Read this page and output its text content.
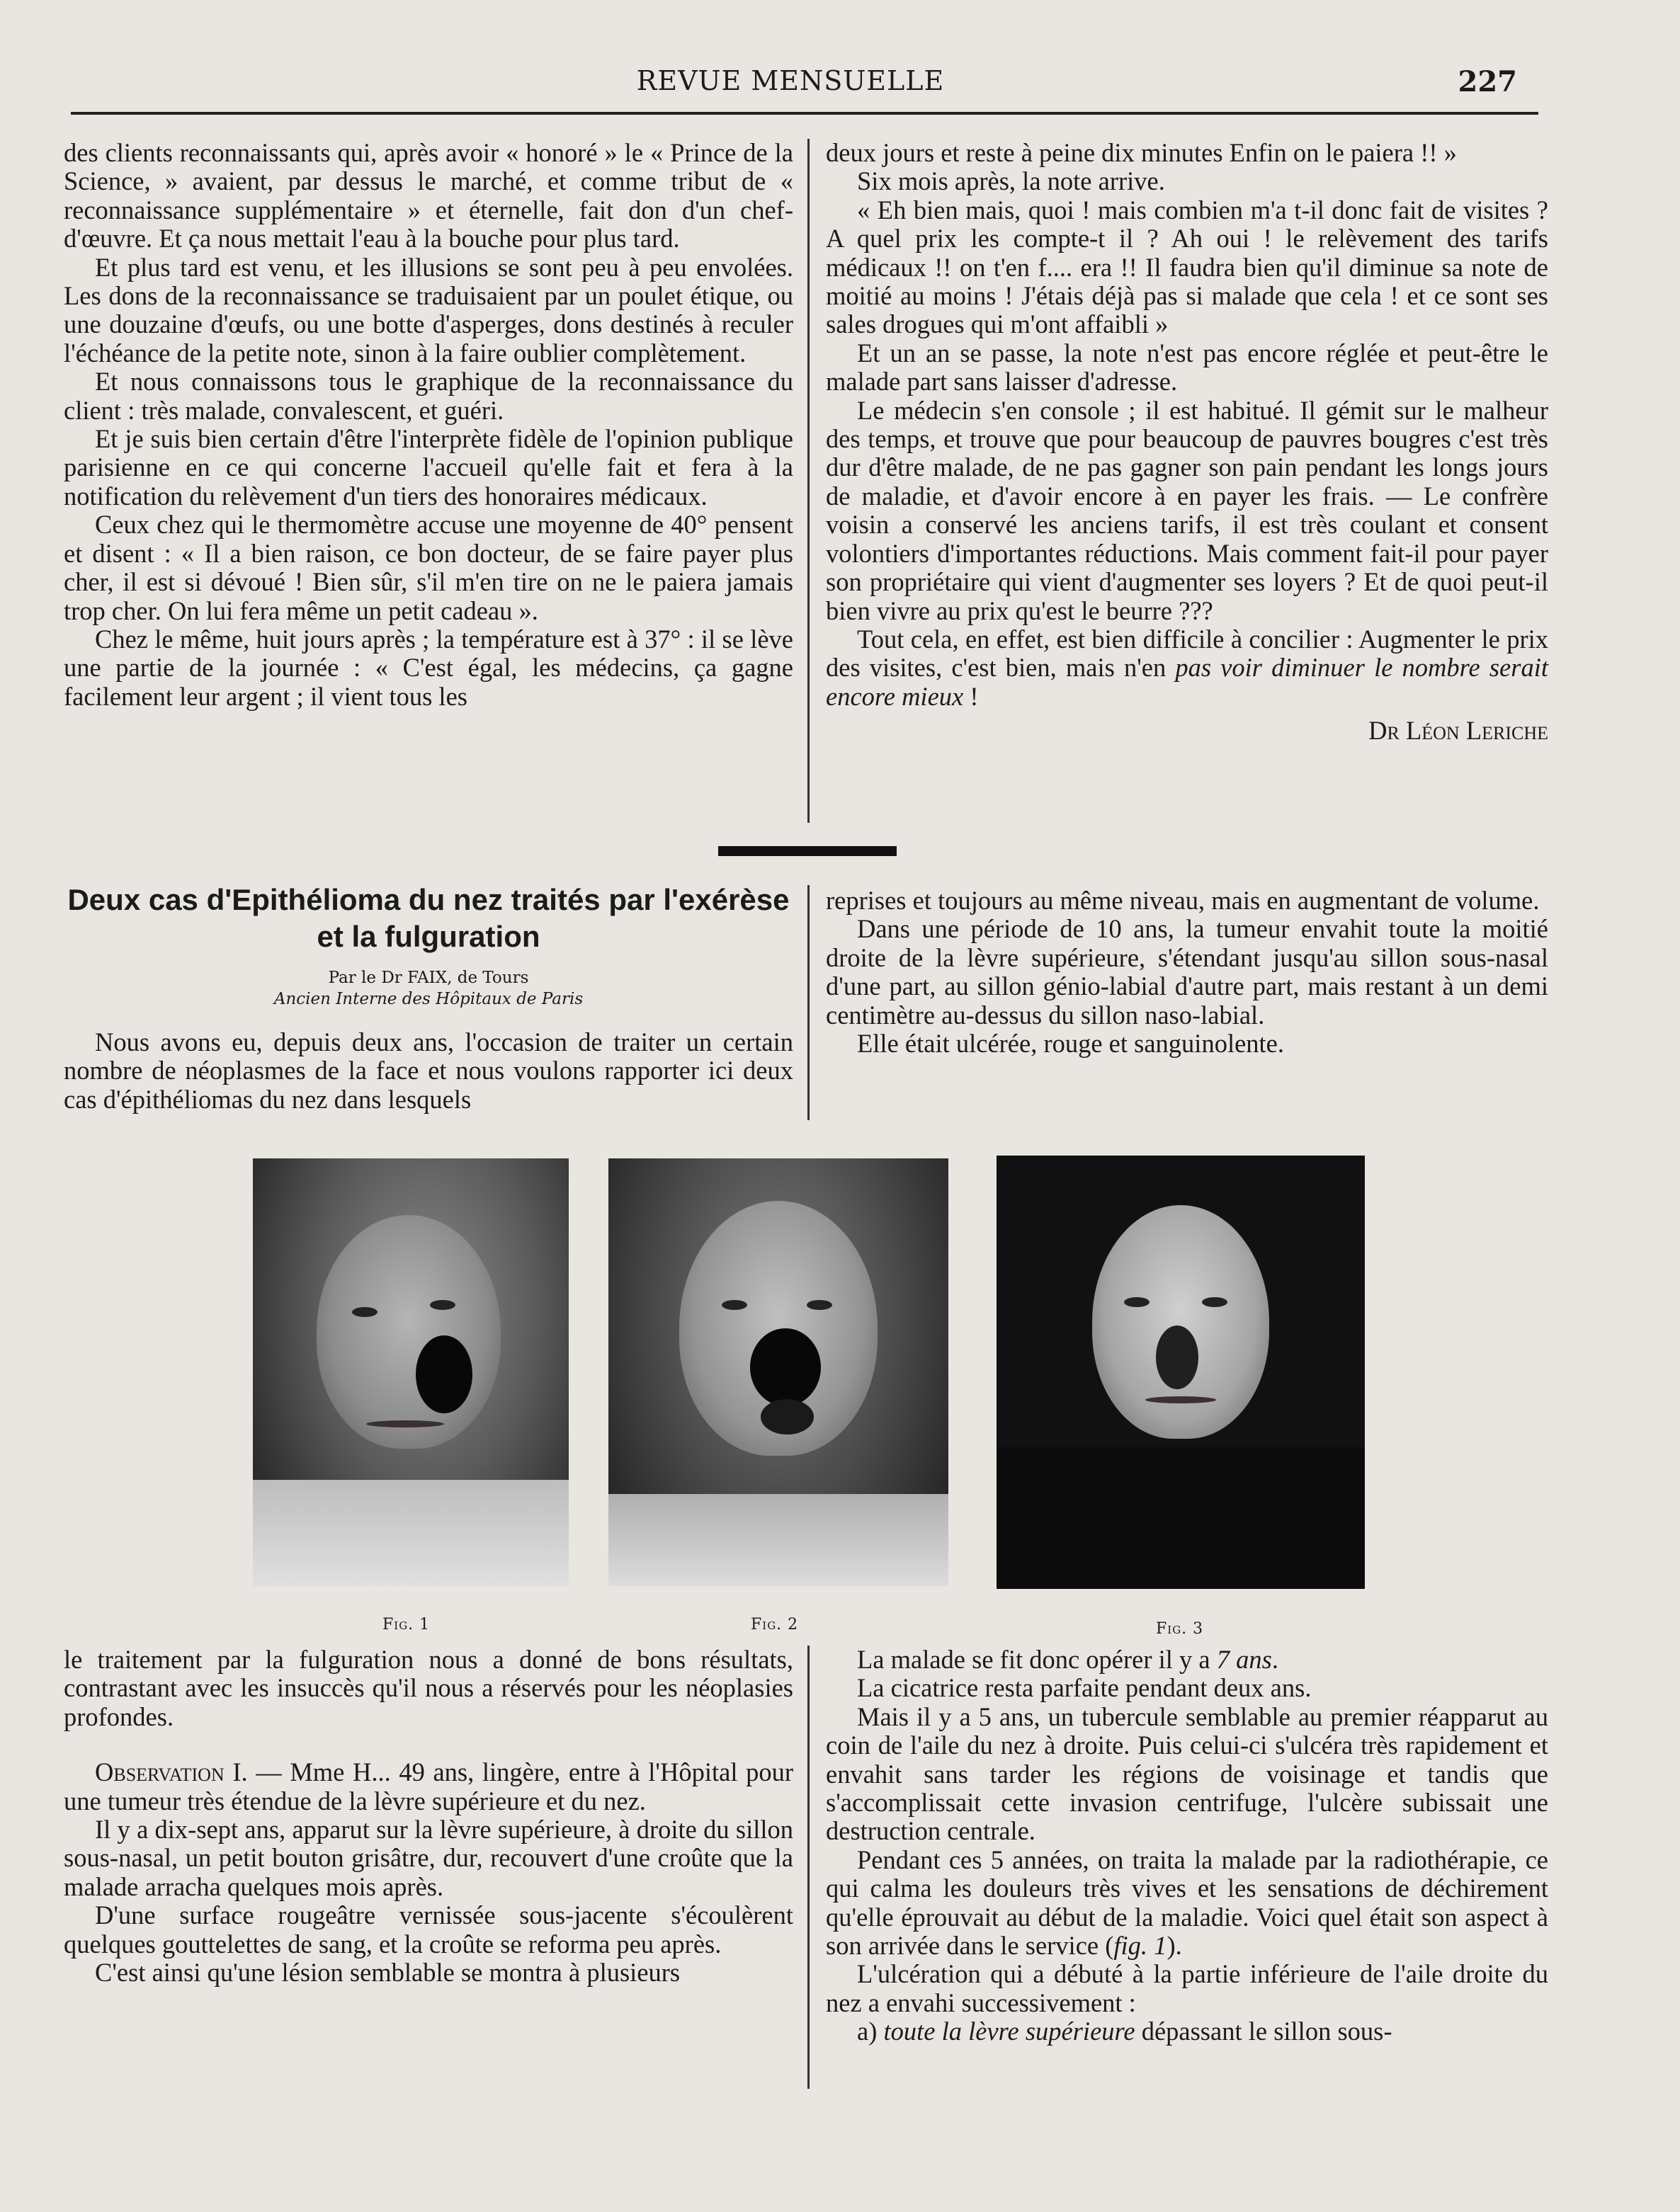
REVUE MENSUELLE	227

des clients reconnaissants qui, après avoir « honoré » le « Prince de la Science, » avaient, par dessus le marché, et comme tribut de « reconnaissance supplémentaire » et éternelle, fait don d'un chef-d'œuvre. Et ça nous mettait l'eau à la bouche pour plus tard.

Et plus tard est venu, et les illusions se sont peu à peu envolées. Les dons de la reconnaissance se traduisaient par un poulet étique, ou une douzaine d'œufs, ou une botte d'asperges, dons destinés à reculer l'échéance de la petite note, sinon à la faire oublier complètement.

Et nous connaissons tous le graphique de la reconnaissance du client : très malade, convalescent, et guéri.

Et je suis bien certain d'être l'interprète fidèle de l'opinion publique parisienne en ce qui concerne l'accueil qu'elle fait et fera à la notification du relèvement d'un tiers des honoraires médicaux.

Ceux chez qui le thermomètre accuse une moyenne de 40° pensent et disent : « Il a bien raison, ce bon docteur, de se faire payer plus cher, il est si dévoué ! Bien sûr, s'il m'en tire on ne le paiera jamais trop cher. On lui fera même un petit cadeau ».

Chez le même, huit jours après ; la température est à 37° : il se lève une partie de la journée : « C'est égal, les médecins, ça gagne facilement leur argent ; il vient tous les

deux jours et reste à peine dix minutes Enfin on le paiera !! »

Six mois après, la note arrive.

« Eh bien mais, quoi ! mais combien m'a t-il donc fait de visites ? A quel prix les compte-t il ? Ah oui ! le relèvement des tarifs médicaux !! on t'en f.... era !! Il faudra bien qu'il diminue sa note de moitié au moins ! J'étais déjà pas si malade que cela ! et ce sont ses sales drogues qui m'ont affaibli »

Et un an se passe, la note n'est pas encore réglée et peut-être le malade part sans laisser d'adresse.

Le médecin s'en console ; il est habitué. Il gémit sur le malheur des temps, et trouve que pour beaucoup de pauvres bougres c'est très dur d'être malade, de ne pas gagner son pain pendant les longs jours de maladie, et d'avoir encore à en payer les frais. — Le confrère voisin a conservé les anciens tarifs, il est très coulant et consent volontiers d'importantes réductions. Mais comment fait-il pour payer son propriétaire qui vient d'augmenter ses loyers ? Et de quoi peut-il bien vivre au prix qu'est le beurre ???

Tout cela, en effet, est bien difficile à concilier : Augmenter le prix des visites, c'est bien, mais n'en pas voir diminuer le nombre serait encore mieux !

Dr Léon Leriche

Deux cas d'Epithélioma du nez traités par l'exérèse et la fulguration
Par le Dr FAIX, de Tours
Ancien Interne des Hôpitaux de Paris

Nous avons eu, depuis deux ans, l'occasion de traiter un certain nombre de néoplasmes de la face et nous voulons rapporter ici deux cas d'épithéliomas du nez dans lesquels

reprises et toujours au même niveau, mais en augmentant de volume.

Dans une période de 10 ans, la tumeur envahit toute la moitié droite de la lèvre supérieure, s'étendant jusqu'au sillon sous-nasal d'une part, au sillon génio-labial d'autre part, mais restant à un demi centimètre au-dessus du sillon naso-labial.

Elle était ulcérée, rouge et sanguinolente.

Fig. 1	Fig. 2	Fig. 3

le traitement par la fulguration nous a donné de bons résultats, contrastant avec les insuccès qu'il nous a réservés pour les néoplasies profondes.

Observation I. — Mme H... 49 ans, lingère, entre à l'Hôpital pour une tumeur très étendue de la lèvre supérieure et du nez.

Il y a dix-sept ans, apparut sur la lèvre supérieure, à droite du sillon sous-nasal, un petit bouton grisâtre, dur, recouvert d'une croûte que la malade arracha quelques mois après.

D'une surface rougeâtre vernissée sous-jacente s'écoulèrent quelques gouttelettes de sang, et la croûte se reforma peu après.

C'est ainsi qu'une lésion semblable se montra à plusieurs

La malade se fit donc opérer il y a 7 ans.

La cicatrice resta parfaite pendant deux ans.

Mais il y a 5 ans, un tubercule semblable au premier réapparut au coin de l'aile du nez à droite. Puis celui-ci s'ulcéra très rapidement et envahit sans tarder les régions de voisinage et tandis que s'accomplissait cette invasion centrifuge, l'ulcère subissait une destruction centrale.

Pendant ces 5 années, on traita la malade par la radiothérapie, ce qui calma les douleurs très vives et les sensations de déchirement qu'elle éprouvait au début de la maladie. Voici quel était son aspect à son arrivée dans le service (fig. 1).

L'ulcération qui a débuté à la partie inférieure de l'aile droite du nez a envahi successivement :

a) toute la lèvre supérieure dépassant le sillon sous-
